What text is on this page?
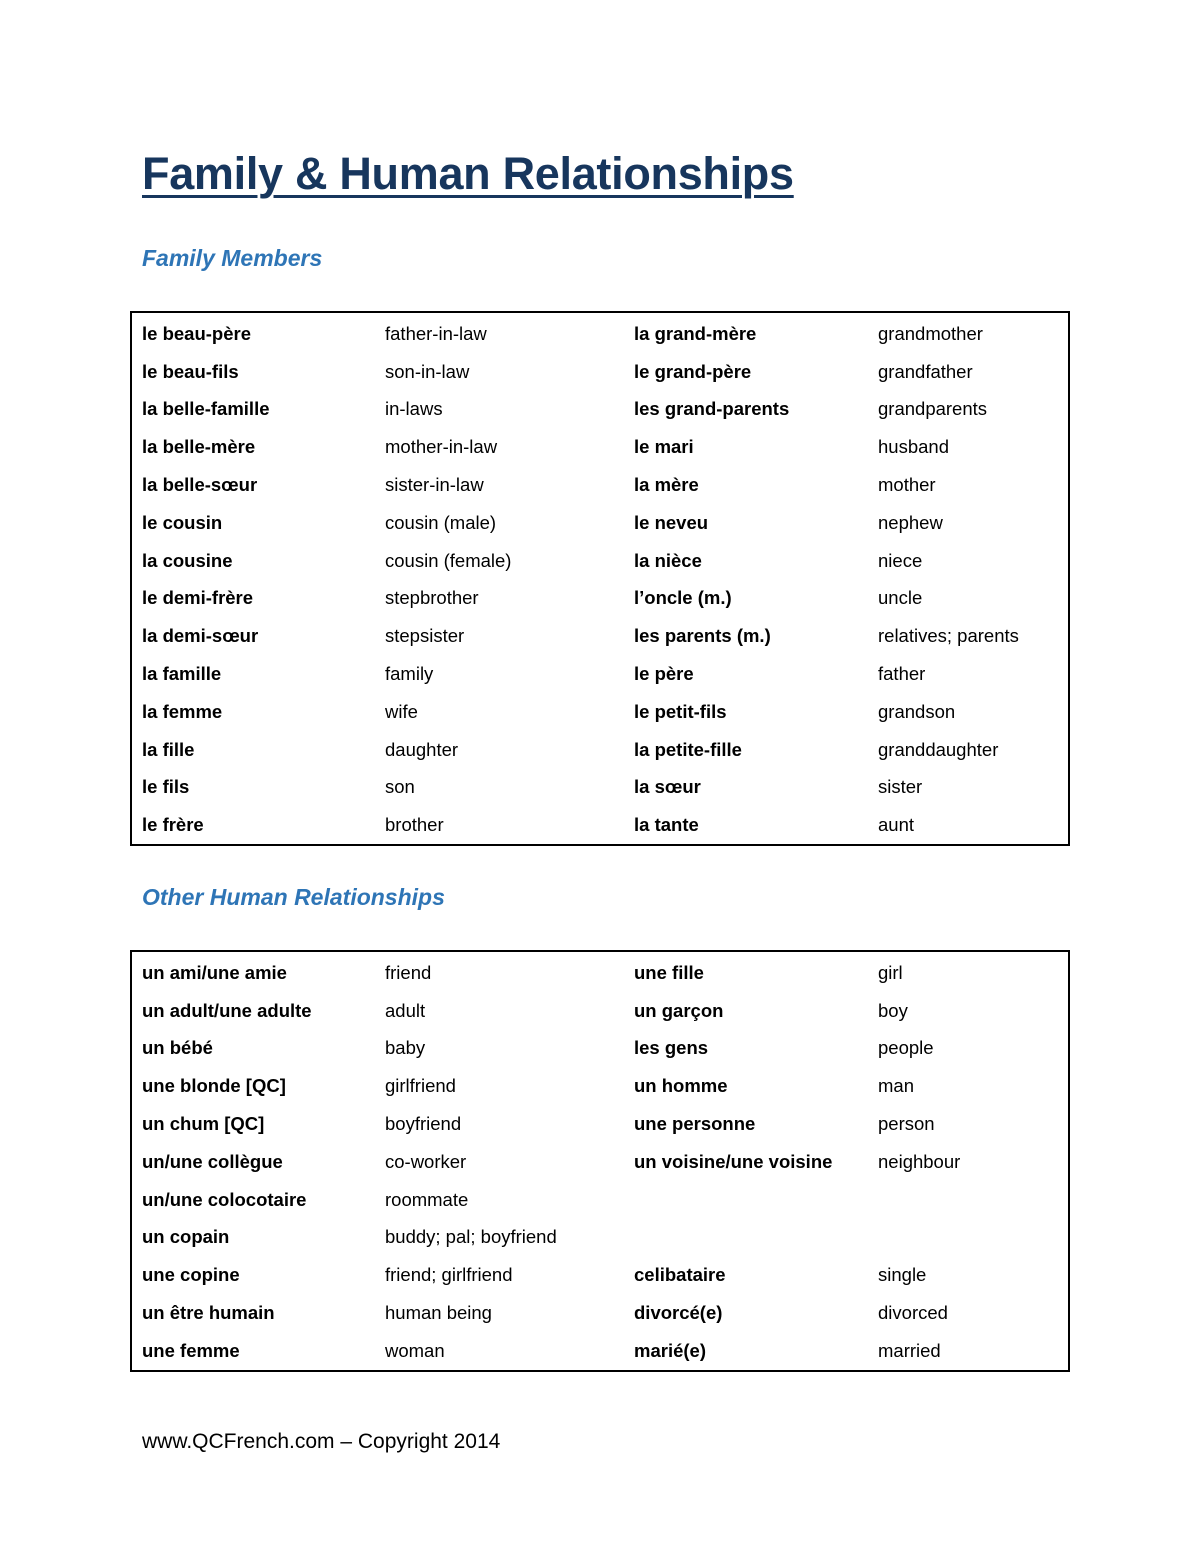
Family & Human Relationships
Family Members
le beau-père	father-in-law	la grand-mère	grandmother
le beau-fils	son-in-law	le grand-père	grandfather
la belle-famille	in-laws	les grand-parents	grandparents
la belle-mère	mother-in-law	le mari	husband
la belle-sœur	sister-in-law	la mère	mother
le cousin	cousin (male)	le neveu	nephew
la cousine	cousin (female)	la nièce	niece
le demi-frère	stepbrother	l’oncle (m.)	uncle
la demi-sœur	stepsister	les parents (m.)	relatives; parents
la famille	family	le père	father
la femme	wife	le petit-fils	grandson
la fille	daughter	la petite-fille	granddaughter
le fils	son	la sœur	sister
le frère	brother	la tante	aunt
Other Human Relationships
un ami/une amie	friend	une fille	girl
un adult/une adulte	adult	un garçon	boy
un bébé	baby	les gens	people
une blonde [QC]	girlfriend	un homme	man
un chum [QC]	boyfriend	une personne	person
un/une collègue	co-worker	un voisine/une voisine	neighbour
un/une colocotaire	roommate
un copain	buddy; pal; boyfriend
une copine	friend; girlfriend	celibataire	single
un être humain	human being	divorcé(e)	divorced
une femme	woman	marié(e)	married

www.QCFrench.com – Copyright 2014
